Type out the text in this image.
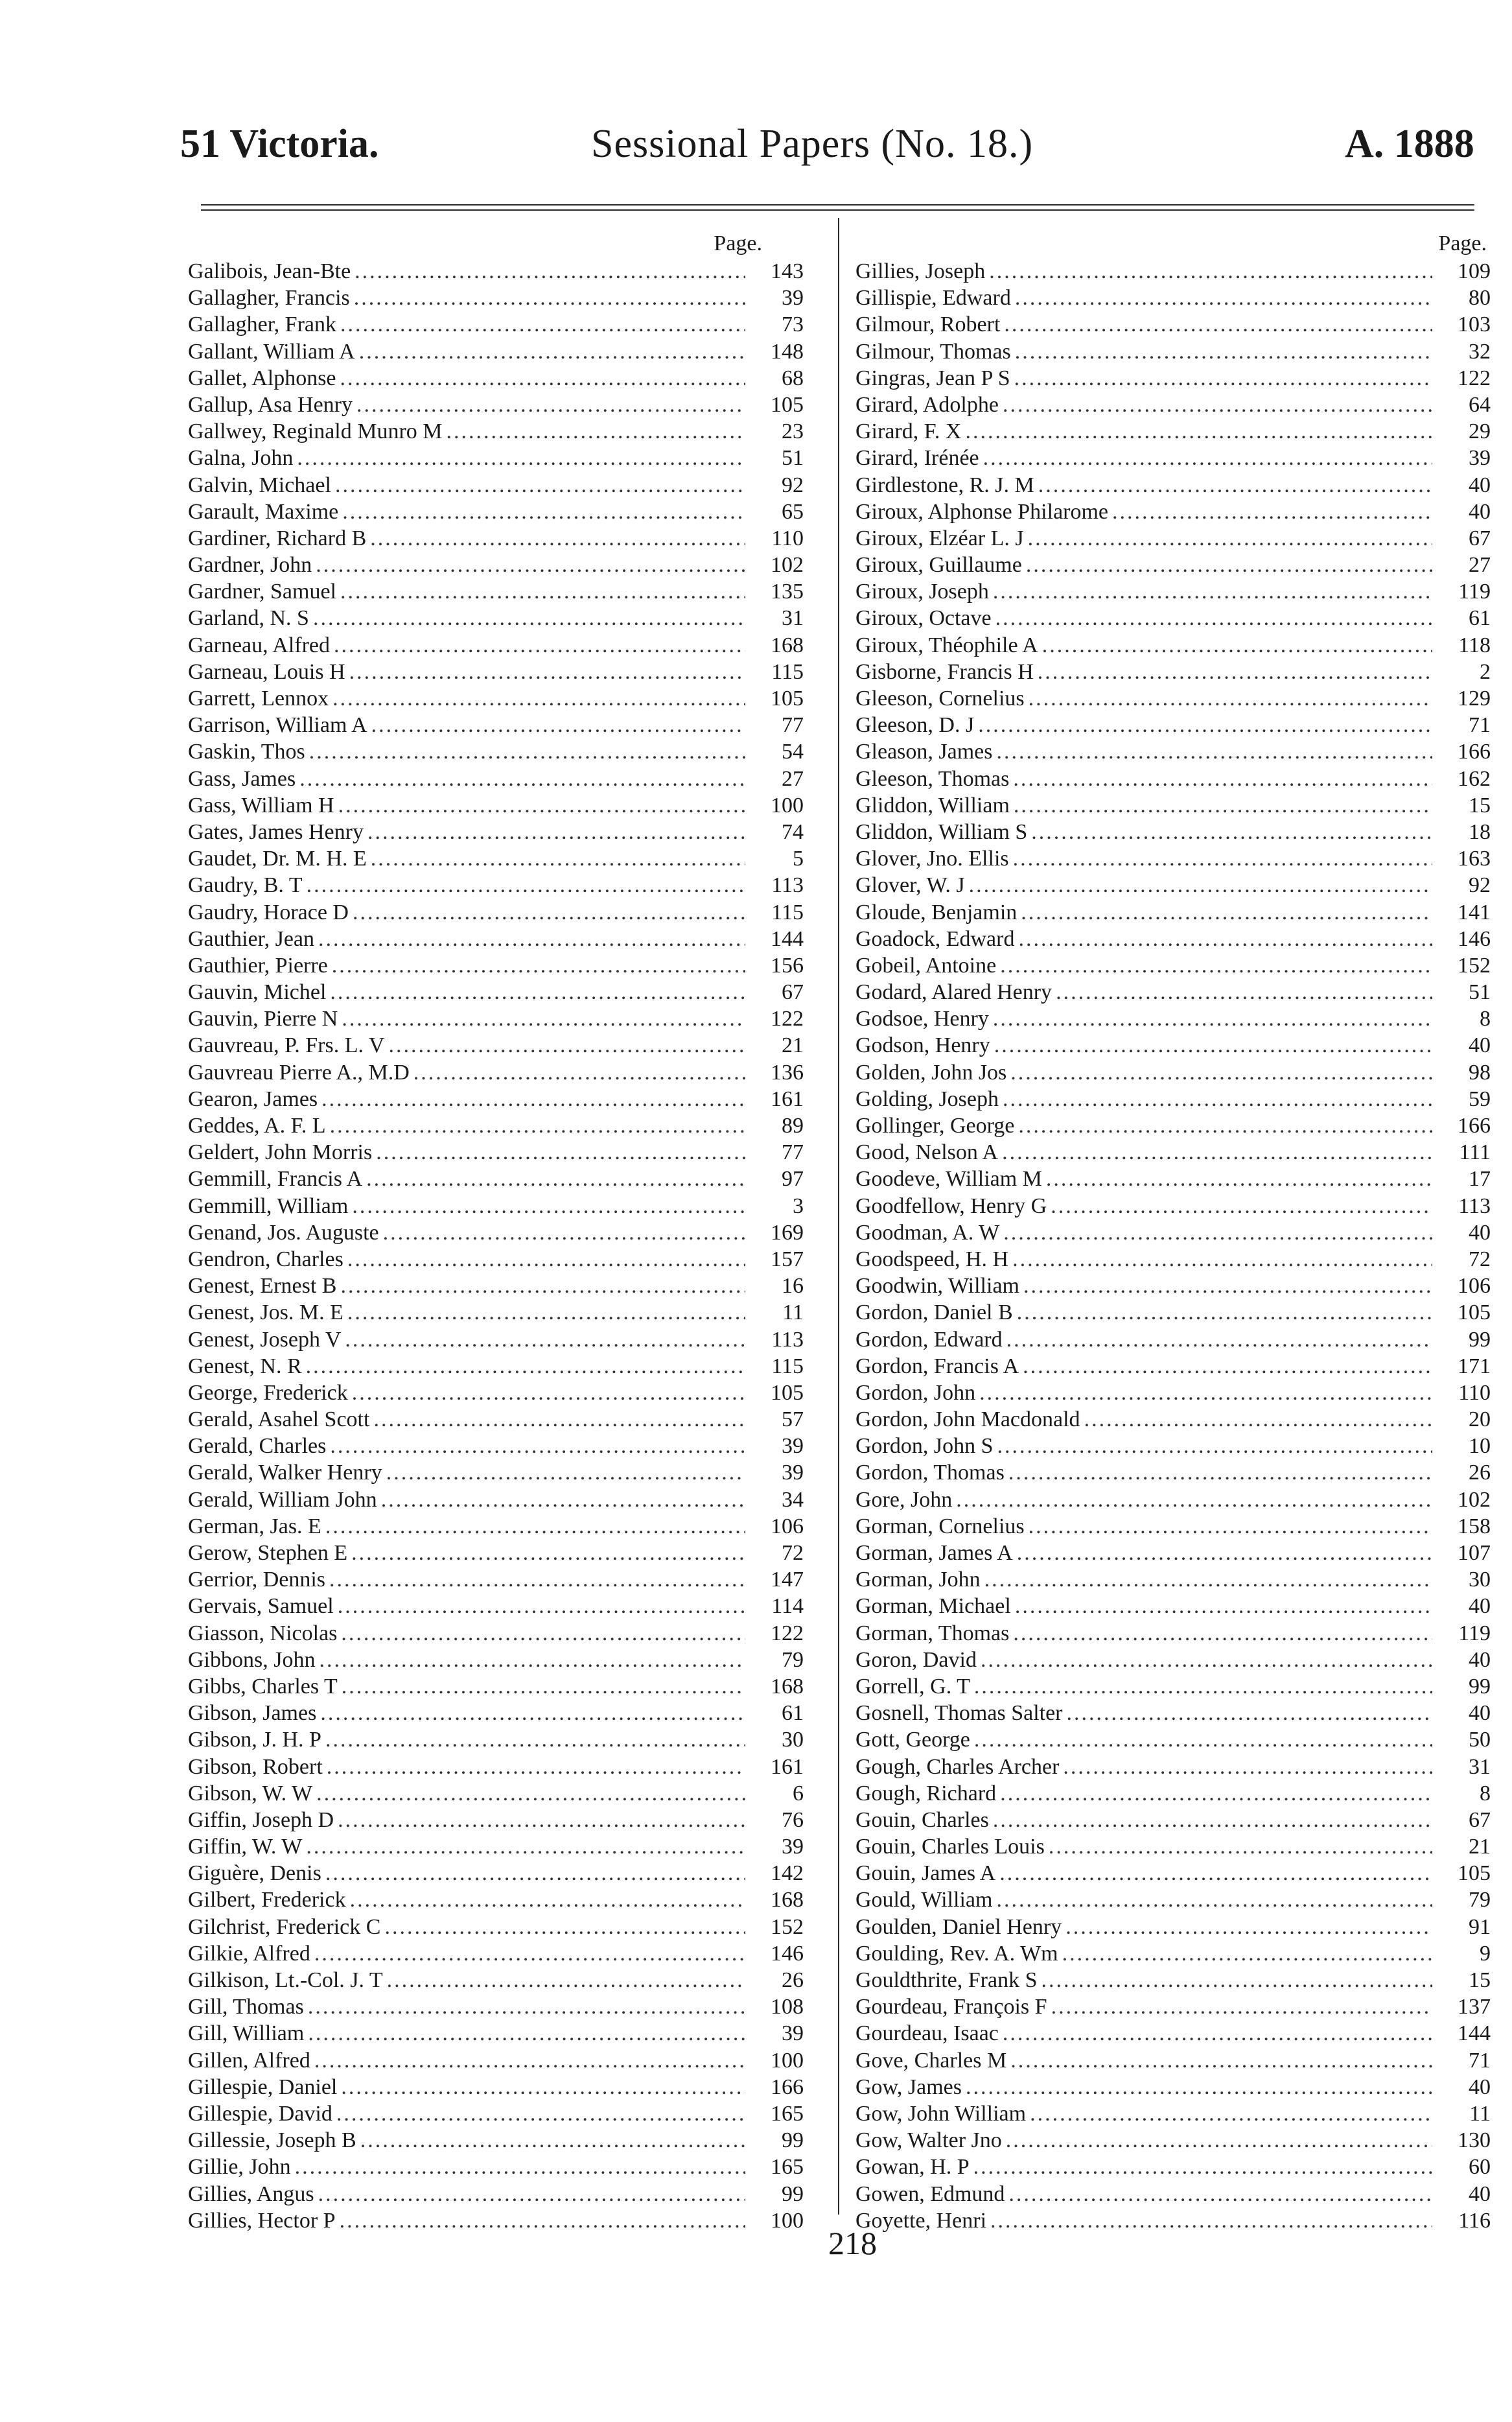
51 Victoria.	Sessional Papers (No. 18.)	A. 1888
Page.
Galibois, Jean-Bte .....	143
Gallagher, Francis .....	39
Gallagher, Frank .....	73
Gallant, William A .....	148
Gallet, Alphonse .....	68
Gallup, Asa Henry .....	105
Gallwey, Reginald Munro M .....	23
Galna, John .....	51
Galvin, Michael .....	92
Garault, Maxime .....	65
Gardiner, Richard B .....	110
Gardner, John .....	102
Gardner, Samuel .....	135
Garland, N. S .....	31
Garneau, Alfred .....	168
Garneau, Louis H .....	115
Garrett, Lennox .....	105
Garrison, William A .....	77
Gaskin, Thos .....	54
Gass, James .....	27
Gass, William H .....	100
Gates, James Henry .....	74
Gaudet, Dr. M. H. E .....	5
Gaudry, B. T .....	113
Gaudry, Horace D .....	115
Gauthier, Jean .....	144
Gauthier, Pierre .....	156
Gauvin, Michel .....	67
Gauvin, Pierre N .....	122
Gauvreau, P. Frs. L. V .....	21
Gauvreau Pierre A., M.D .....	136
Gearon, James .....	161
Geddes, A. F. L .....	89
Geldert, John Morris .....	77
Gemmill, Francis A .....	97
Gemmill, William .....	3
Genand, Jos. Auguste .....	169
Gendron, Charles .....	157
Genest, Ernest B .....	16
Genest, Jos. M. E .....	11
Genest, Joseph V .....	113
Genest, N. R .....	115
George, Frederick .....	105
Gerald, Asahel Scott .....	57
Gerald, Charles .....	39
Gerald, Walker Henry .....	39
Gerald, William John .....	34
German, Jas. E .....	106
Gerow, Stephen E .....	72
Gerrior, Dennis .....	147
Gervais, Samuel .....	114
Giasson, Nicolas .....	122
Gibbons, John .....	79
Gibbs, Charles T .....	168
Gibson, James .....	61
Gibson, J. H. P .....	30
Gibson, Robert .....	161
Gibson, W. W .....	6
Giffin, Joseph D .....	76
Giffin, W. W .....	39
Giguère, Denis .....	142
Gilbert, Frederick .....	168
Gilchrist, Frederick C .....	152
Gilkie, Alfred .....	146
Gilkison, Lt.-Col. J. T .....	26
Gill, Thomas .....	108
Gill, William .....	39
Gillen, Alfred .....	100
Gillespie, Daniel .....	166
Gillespie, David .....	165
Gillessie, Joseph B .....	99
Gillie, John .....	165
Gillies, Angus .....	99
Gillies, Hector P .....	100
Page.
Gillies, Joseph .....	109
Gillispie, Edward .....	80
Gilmour, Robert .....	103
Gilmour, Thomas .....	32
Gingras, Jean P S .....	122
Girard, Adolphe .....	64
Girard, F. X .....	29
Girard, Irénée .....	39
Girdlestone, R. J. M .....	40
Giroux, Alphonse Philarome .....	40
Giroux, Elzéar L. J .....	67
Giroux, Guillaume .....	27
Giroux, Joseph .....	119
Giroux, Octave .....	61
Giroux, Théophile A .....	118
Gisborne, Francis H .....	2
Gleeson, Cornelius .....	129
Gleeson, D. J .....	71
Gleason, James .....	166
Gleeson, Thomas .....	162
Gliddon, William .....	15
Gliddon, William S .....	18
Glover, Jno. Ellis .....	163
Glover, W. J .....	92
Gloude, Benjamin .....	141
Goadock, Edward .....	146
Gobeil, Antoine .....	152
Godard, Alared Henry .....	51
Godsoe, Henry .....	8
Godson, Henry .....	40
Golden, John Jos .....	98
Golding, Joseph .....	59
Gollinger, George .....	166
Good, Nelson A .....	111
Goodeve, William M .....	17
Goodfellow, Henry G .....	113
Goodman, A. W .....	40
Goodspeed, H. H .....	72
Goodwin, William .....	106
Gordon, Daniel B .....	105
Gordon, Edward .....	99
Gordon, Francis A .....	171
Gordon, John .....	110
Gordon, John Macdonald .....	20
Gordon, John S .....	10
Gordon, Thomas .....	26
Gore, John .....	102
Gorman, Cornelius .....	158
Gorman, James A .....	107
Gorman, John .....	30
Gorman, Michael .....	40
Gorman, Thomas .....	119
Goron, David .....	40
Gorrell, G. T .....	99
Gosnell, Thomas Salter .....	40
Gott, George .....	50
Gough, Charles Archer .....	31
Gough, Richard .....	8
Gouin, Charles .....	67
Gouin, Charles Louis .....	21
Gouin, James A .....	105
Gould, William .....	79
Goulden, Daniel Henry .....	91
Goulding, Rev. A. Wm .....	9
Gouldthrite, Frank S .....	15
Gourdeau, François F .....	137
Gourdeau, Isaac .....	144
Gove, Charles M .....	71
Gow, James .....	40
Gow, John William .....	11
Gow, Walter Jno .....	130
Gowan, H. P .....	60
Gowen, Edmund .....	40
Goyette, Henri .....	116
218
